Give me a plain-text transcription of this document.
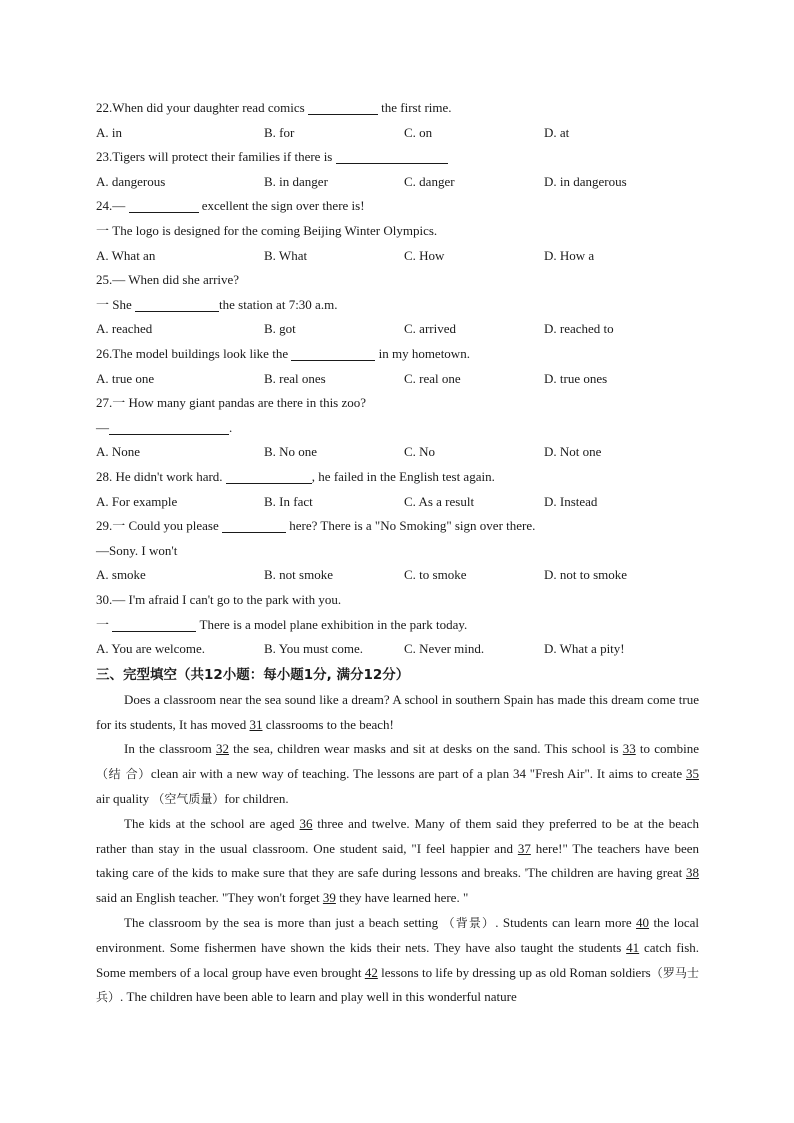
22.When did your daughter read comics	the first rime.
A. in	B. for	C. on	D. at
23.Tigers will protect their families if there is
A. dangerous	B. in danger	C. danger	D. in dangerous
24.—	excellent the sign over there is!
一 The logo is designed for the coming Beijing Winter Olympics.
A. What an	B. What	C. How	D. How a
25.— When did she arrive?
一 She	the station at 7:30 a.m.
A. reached	B. got	C. arrived	D. reached to
26.The model buildings look like the	in my hometown.
A. true one	B. real ones	C. real one	D. true ones
27.一 How many giant pandas are there in this zoo?
—	.
A. None	B. No one	C. No	D. Not one
28. He didn't work hard.	, he failed in the English test again.
A. For example	B. In fact	C. As a result	D. Instead
29.一 Could you please	here? There is a "No Smoking" sign over there.
—Sony. I won't
A. smoke	B. not smoke	C. to smoke	D. not to smoke
30.— I'm afraid I can't go to the park with you.
一	There is a model plane exhibition in the park today.
A. You are welcome.	B. You must come.	C. Never mind.	D. What a pity!
三、完型填空（共12小题：每小题1分, 满分12分）

Does a classroom near the sea sound like a dream? A school in southern Spain has made this dream come true for its students, It has moved 31 classrooms to the beach!

In the classroom 32 the sea, children wear masks and sit at desks on the sand. This school is 33 to combine （结 合）clean air with a new way of teaching. The lessons are part of a plan 34 "Fresh Air". It aims to create 35 air quality （空气质量）for children.

The kids at the school are aged 36 three and twelve. Many of them said they preferred to be at the beach rather than stay in the usual classroom. One student said, "I feel happier and 37 here!" The teachers have been taking care of the kids to make sure that they are safe during lessons and breaks. 'The children are having great 38 said an English teacher. "They won't forget 39 they have learned here. "

The classroom by the sea is more than just a beach setting （背景）. Students can learn more 40 the local environment. Some fishermen have shown the kids their nets. They have also taught the students 41 catch fish. Some members of a local group have even brought 42 lessons to life by dressing up as old Roman soldiers（罗马士兵）. The children have been able to learn and play well in this wonderful nature
